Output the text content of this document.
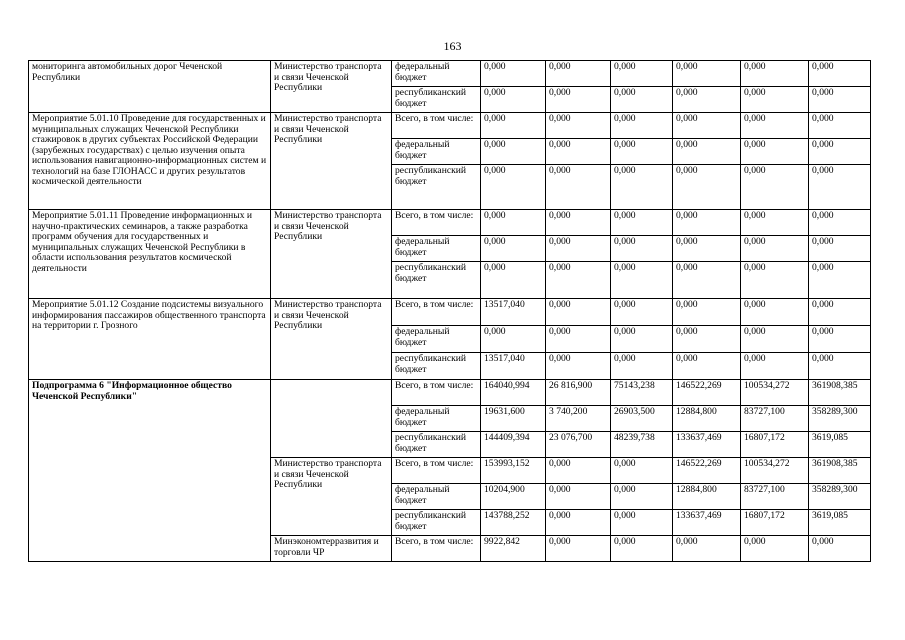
163
мониторинга автомобильных дорог Чеченской Республики	Министерство транспорта и связи Чеченской Республики	федеральный бюджет	0,000	0,000	0,000	0,000	0,000	0,000
		республиканский бюджет	0,000	0,000	0,000	0,000	0,000	0,000
Мероприятие 5.01.10 Проведение для государственных и муниципальных служащих Чеченской Республики стажировок в других субъектах Российской Федерации (зарубежных государствах) с целью изучения опыта использования навигационно-информационных систем и технологий на базе ГЛОНАСС и других результатов космической деятельности	Министерство транспорта и связи Чеченской Республики	Всего, в том числе:	0,000	0,000	0,000	0,000	0,000	0,000
		федеральный бюджет	0,000	0,000	0,000	0,000	0,000	0,000
		республиканский бюджет	0,000	0,000	0,000	0,000	0,000	0,000
Мероприятие 5.01.11 Проведение информационных и научно-практических семинаров, а также разработка программ обучения для государственных и муниципальных служащих Чеченской Республики в области использования результатов космической деятельности	Министерство транспорта и связи Чеченской Республики	Всего, в том числе:	0,000	0,000	0,000	0,000	0,000	0,000
		федеральный бюджет	0,000	0,000	0,000	0,000	0,000	0,000
		республиканский бюджет	0,000	0,000	0,000	0,000	0,000	0,000
Мероприятие 5.01.12 Создание подсистемы визуального информирования пассажиров общественного транспорта на территории г. Грозного	Министерство транспорта и связи Чеченской Республики	Всего, в том числе:	13517,040	0,000	0,000	0,000	0,000	0,000
		федеральный бюджет	0,000	0,000	0,000	0,000	0,000	0,000
		республиканский бюджет	13517,040	0,000	0,000	0,000	0,000	0,000
Подпрограмма 6 "Информационное общество Чеченской Республики"		Всего, в том числе:	164040,994	26 816,900	75143,238	146522,269	100534,272	361908,385
		федеральный бюджет	19631,600	3 740,200	26903,500	12884,800	83727,100	358289,300
		республиканский бюджет	144409,394	23 076,700	48239,738	133637,469	16807,172	3619,085
	Министерство транспорта и связи Чеченской Республики	Всего, в том числе:	153993,152	0,000	0,000	146522,269	100534,272	361908,385
		федеральный бюджет	10204,900	0,000	0,000	12884,800	83727,100	358289,300
		республиканский бюджет	143788,252	0,000	0,000	133637,469	16807,172	3619,085
	Минэкономтерразвития и торговли ЧР	Всего, в том числе:	9922,842	0,000	0,000	0,000	0,000	0,000
